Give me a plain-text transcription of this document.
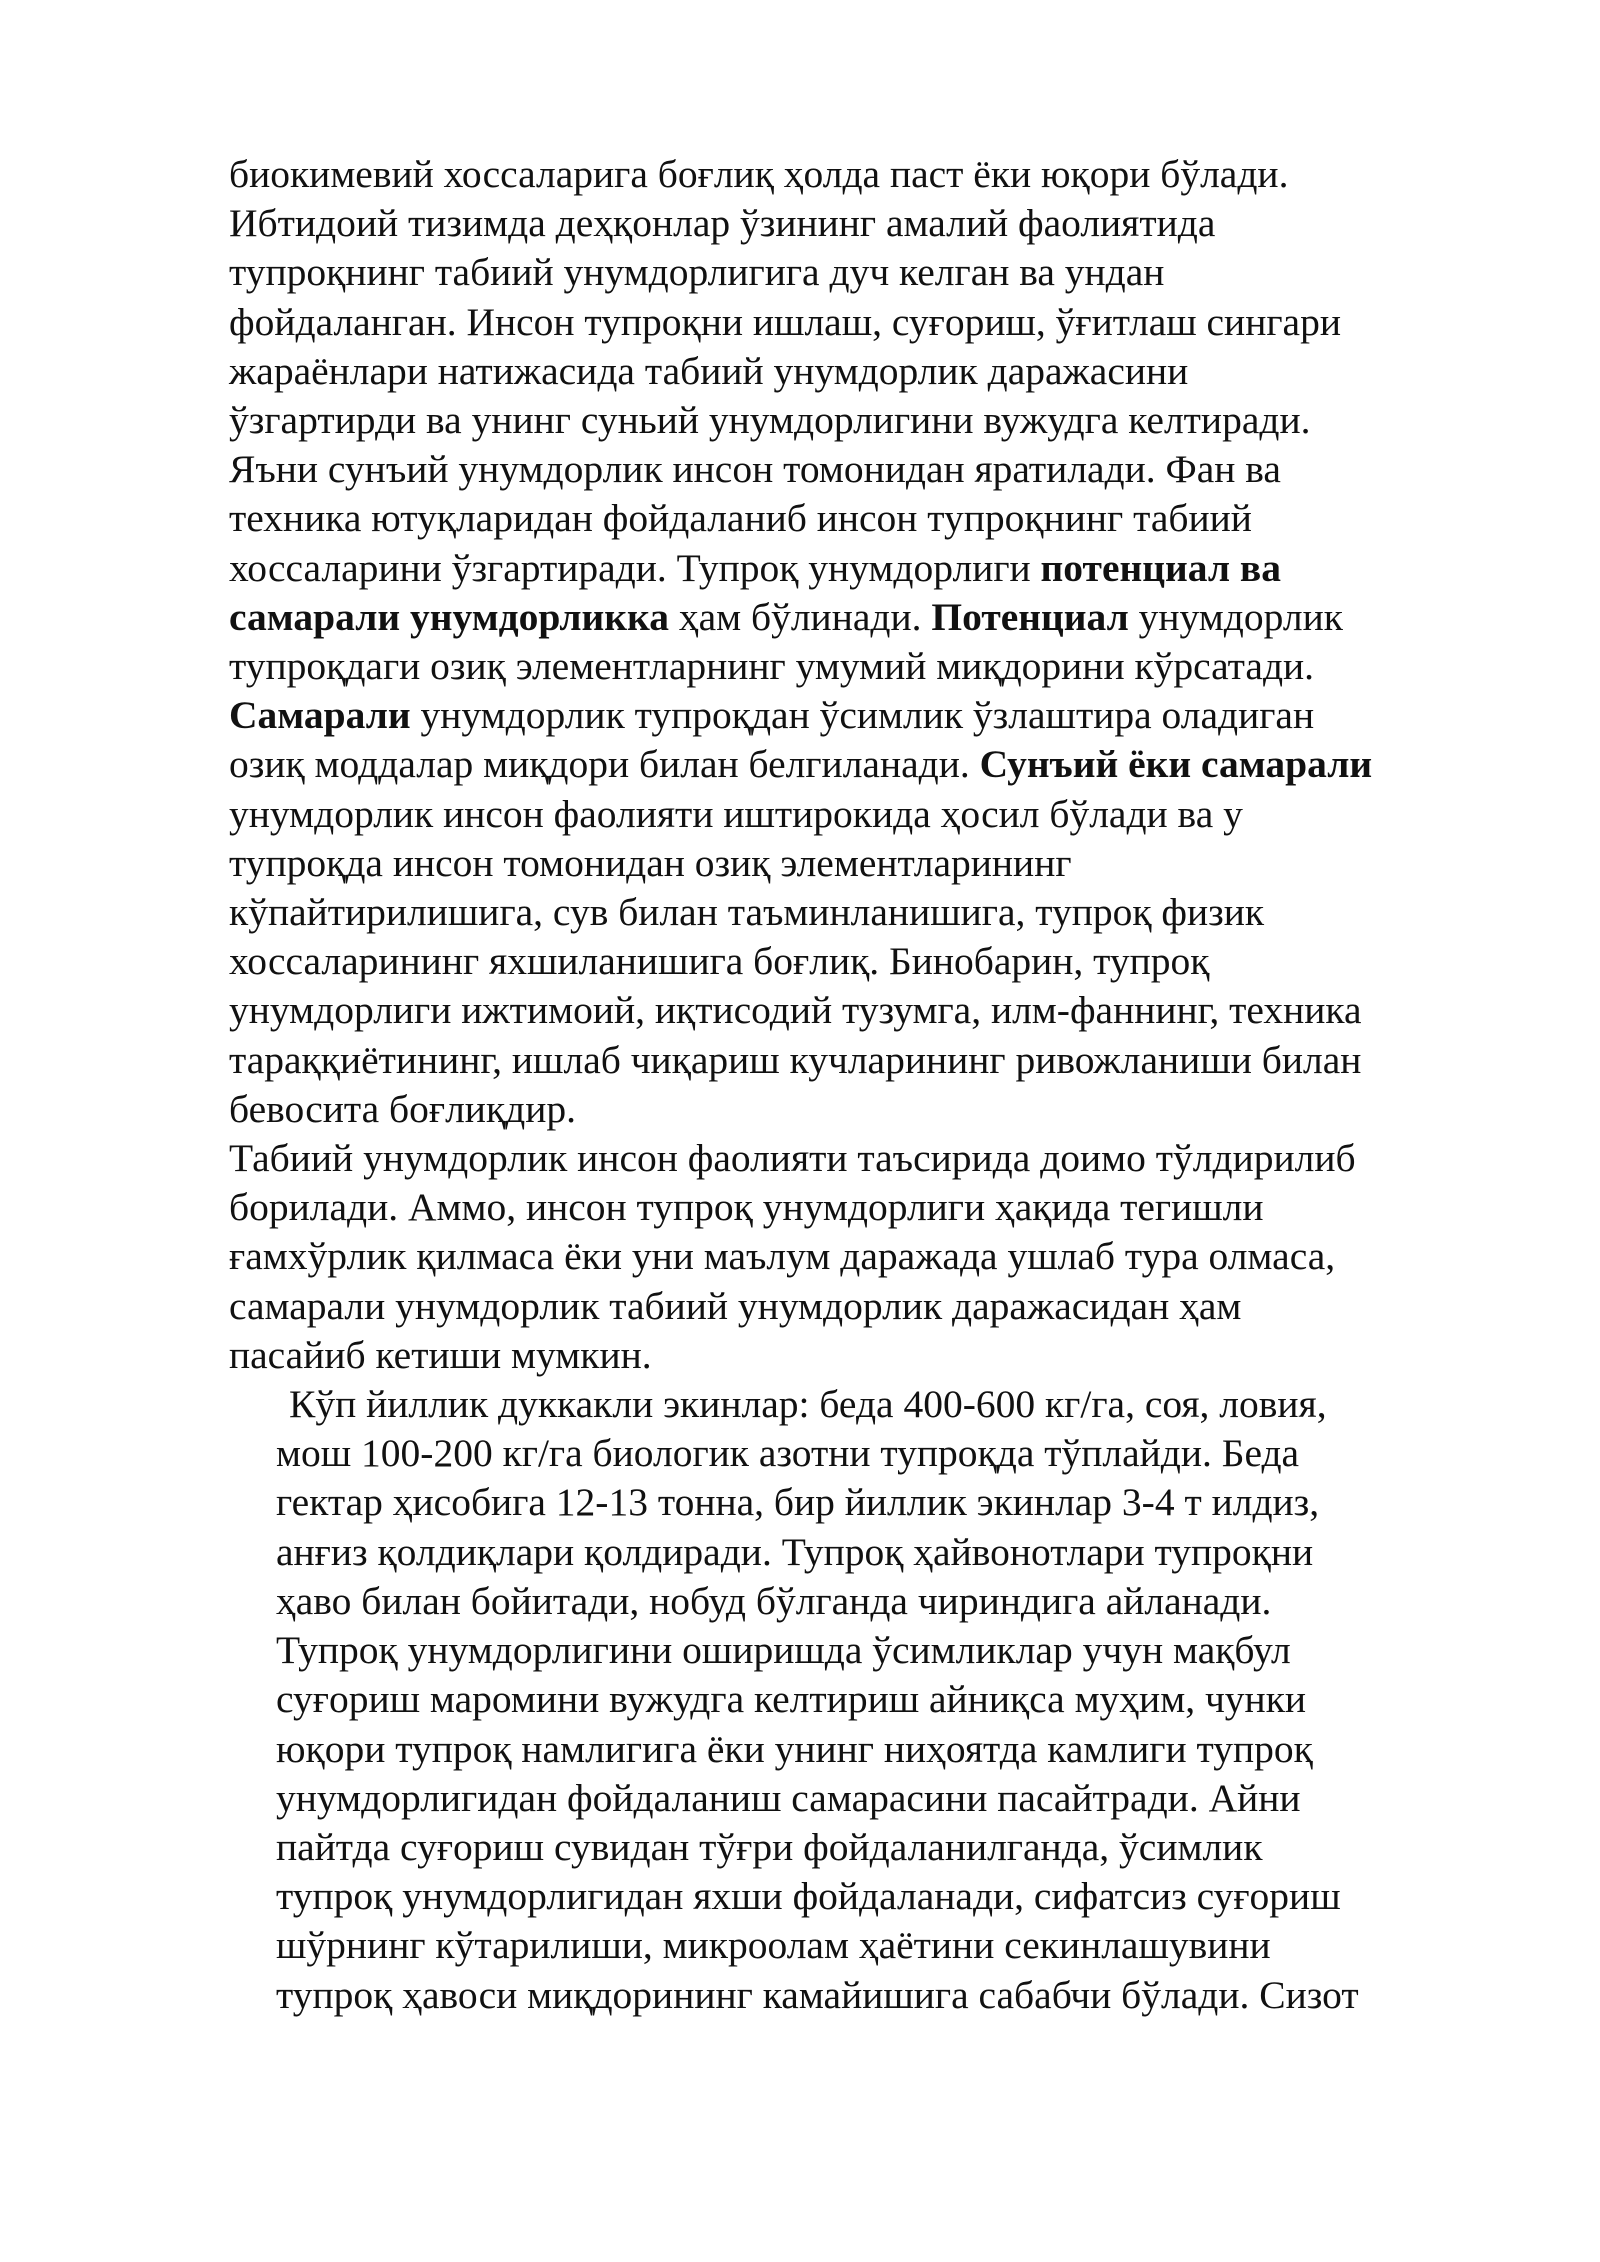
биокимевий хоссаларига боғлиқ ҳолда паст ёки юқори бўлади.
Ибтидоий тизимда деҳқонлар ўзининг амалий фаолиятида
тупроқнинг табиий унумдорлигига дуч келган ва ундан
фойдаланган. Инсон тупроқни ишлаш, суғориш, ўғитлаш сингари
жараёнлари натижасида табиий унумдорлик даражасини
ўзгартирди ва унинг суньий унумдорлигини вужудга келтиради.
Яъни сунъий унумдорлик инсон томонидан яратилади. Фан ва
техника ютуқларидан фойдаланиб инсон тупроқнинг табиий
хоссаларини ўзгартиради. Тупроқ унумдорлиги потенциал ва
самарали унумдорликка ҳам бўлинади. Потенциал унумдорлик
тупроқдаги озиқ элементларнинг умумий миқдорини кўрсатади.
Самарали унумдорлик тупроқдан ўсимлик ўзлаштира оладиган
озиқ моддалар миқдори билан белгиланади. Сунъий ёки самарали
унумдорлик инсон фаолияти иштирокида ҳосил бўлади ва у
тупроқда инсон томонидан озиқ элементларининг
кўпайтирилишига, сув билан таъминланишига, тупроқ физик
хоссаларининг яхшиланишига боғлиқ. Бинобарин, тупроқ
унумдорлиги ижтимоий, иқтисодий тузумга, илм-фаннинг, техника
тараққиётининг, ишлаб чиқариш кучларининг ривожланиши билан
бевосита боғлиқдир.
Табиий унумдорлик инсон фаолияти таъсирида доимо тўлдирилиб
борилади. Аммо, инсон тупроқ унумдорлиги ҳақида тегишли
ғамхўрлик қилмаса ёки уни маълум даражада ушлаб тура олмаса,
самарали унумдорлик табиий унумдорлик даражасидан ҳам
пасайиб кетиши мумкин.
Кўп йиллик дуккакли экинлар: беда 400-600 кг/га, соя, ловия,
мош 100-200 кг/га биологик азотни тупроқда тўплайди. Беда
гектар ҳисобига 12-13 тонна, бир йиллик экинлар 3-4 т илдиз,
анғиз қолдиқлари қолдиради. Тупроқ ҳайвонотлари тупроқни
ҳаво билан бойитади, нобуд бўлганда чириндига айланади.
Тупроқ унумдорлигини оширишда ўсимликлар учун мақбул
суғориш маромини вужудга келтириш айниқса муҳим, чунки
юқори тупроқ намлигига ёки унинг ниҳоятда камлиги тупроқ
унумдорлигидан фойдаланиш самарасини пасайтради. Айни
пайтда суғориш сувидан тўғри фойдаланилганда, ўсимлик
тупроқ унумдорлигидан яхши фойдаланади, сифатсиз суғориш
шўрнинг кўтарилиши, микроолам ҳаётини секинлашувини
тупроқ ҳавоси миқдорининг камайишига сабабчи бўлади. Сизот
